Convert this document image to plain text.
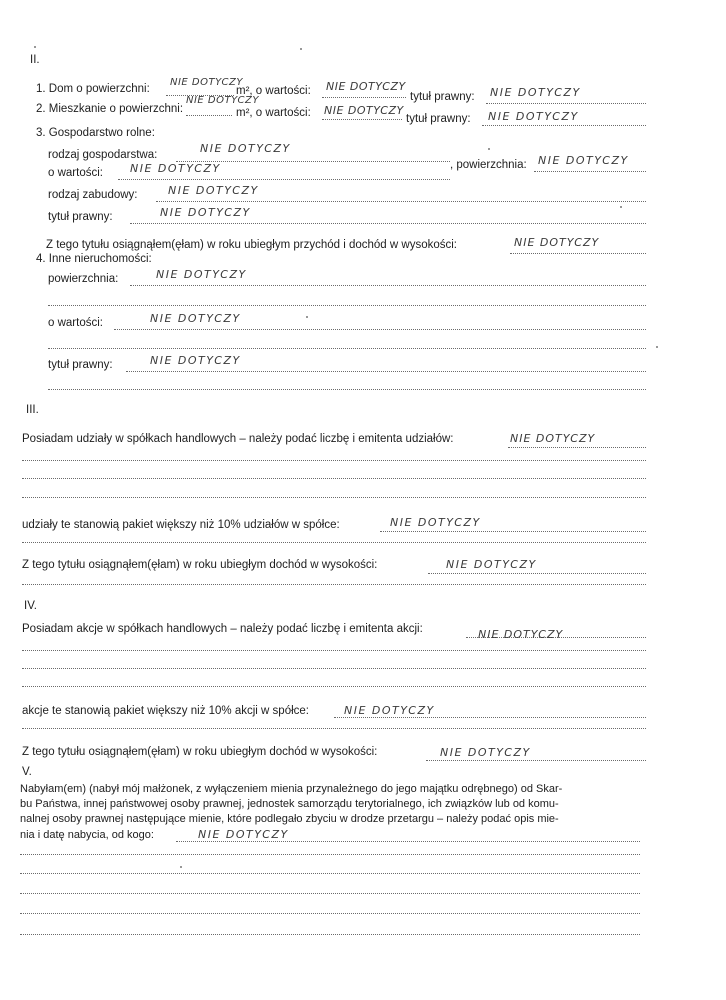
II.
1. Dom o powierzchni:
NIE DOTYCZY
m², o wartości: NIE DOTYCZY
tytuł prawny: NIE DOTYCZY
2. Mieszkanie o powierzchni:
NIE DOTYCZY
m², o wartości: NIE DOTYCZY
tytuł prawny: NIE DOTYCZY
3. Gospodarstwo rolne:
rodzaj gospodarstwa:	NIE DOTYCZY
, powierzchnia: NIE DOTYCZY
o wartości: NIE DOTYCZY
rodzaj zabudowy:	NIE DOTYCZY
tytuł prawny:	NIE DOTYCZY
Z tego tytułu osiągnąłem(ęłam) w roku ubiegłym przychód i dochód w wysokości:	NIE DOTYCZY
4. Inne nieruchomości:
powierzchnia:	NIE DOTYCZY
o wartości:	NIE DOTYCZY
tytuł prawny:	NIE DOTYCZY
III.
Posiadam udziały w spółkach handlowych – należy podać liczbę i emitenta udziałów:	NIE DOTYCZY
udziały te stanowią pakiet większy niż 10% udziałów w spółce:	NIE DOTYCZY
Z tego tytułu osiągnąłem(ęłam) w roku ubiegłym dochód w wysokości:	NIE DOTYCZY
IV.
Posiadam akcje w spółkach handlowych – należy podać liczbę i emitenta akcji:	NIE DOTYCZY
akcje te stanowią pakiet większy niż 10% akcji w spółce:	NIE DOTYCZY
Z tego tytułu osiągnąłem(ęłam) w roku ubiegłym dochód w wysokości:	NIE DOTYCZY
V.
Nabyłam(em) (nabył mój małżonek, z wyłączeniem mienia przynależnego do jego majątku odrębnego) od Skar-
bu Państwa, innej państwowej osoby prawnej, jednostek samorządu terytorialnego, ich związków lub od komu-
nalnej osoby prawnej następujące mienie, które podlegało zbyciu w drodze przetargu – należy podać opis mie-
nia i datę nabycia, od kogo:	NIE DOTYCZY
